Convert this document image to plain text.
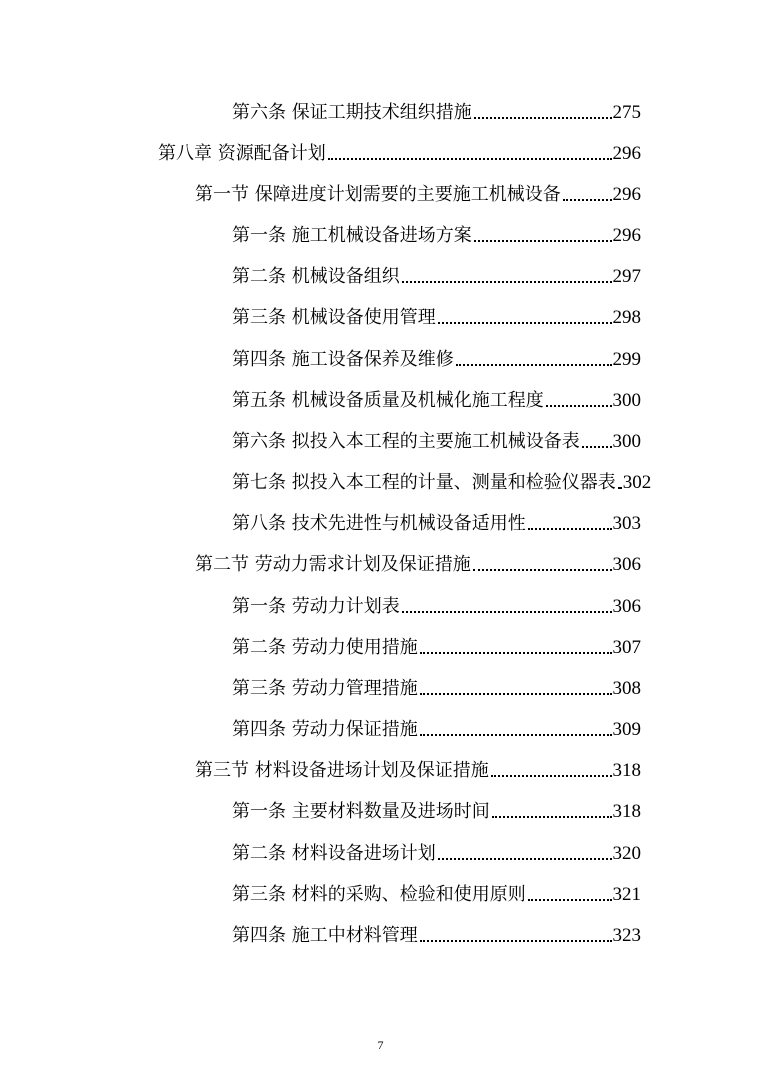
第六条 保证工期技术组织措施	275
第八章 资源配备计划	296
第一节 保障进度计划需要的主要施工机械设备	296
第一条 施工机械设备进场方案	296
第二条 机械设备组织	297
第三条 机械设备使用管理	298
第四条 施工设备保养及维修	299
第五条 机械设备质量及机械化施工程度	300
第六条 拟投入本工程的主要施工机械设备表 300
第七条 拟投入本工程的计量、测量和检验仪器表 302
第八条 技术先进性与机械设备适用性	303
第二节 劳动力需求计划及保证措施	306
第一条 劳动力计划表	306
第二条 劳动力使用措施	307
第三条 劳动力管理措施	308
第四条 劳动力保证措施	309
第三节 材料设备进场计划及保证措施	318
第一条 主要材料数量及进场时间	318
第二条 材料设备进场计划	320
第三条 材料的采购、检验和使用原则	321
第四条 施工中材料管理	323
7
